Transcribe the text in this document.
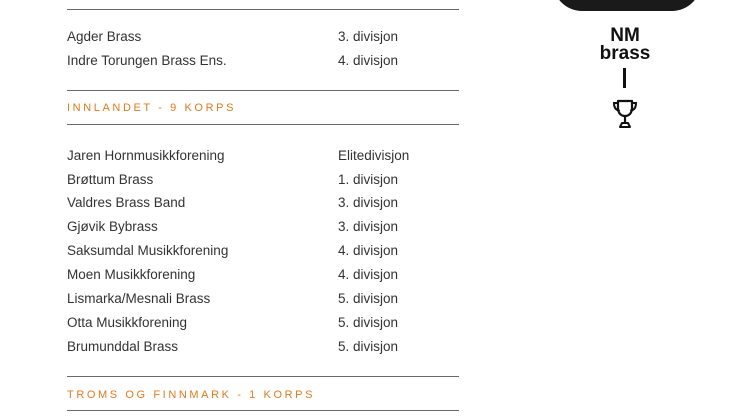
Agder Brass	3. divisjon
Indre Torungen Brass Ens.	4. divisjon
INNLANDET - 9 KORPS
Jaren Hornmusikkforening	Elitedivisjon
Brøttum Brass	1. divisjon
Valdres Brass Band	3. divisjon
Gjøvik Bybrass	3. divisjon
Saksumdal Musikkforening	4. divisjon
Moen Musikkforening	4. divisjon
Lismarka/Mesnali Brass	5. divisjon
Otta Musikkforening	5. divisjon
Brumunddal Brass	5. divisjon
TROMS OG FINNMARK - 1 KORPS
NM
brass
